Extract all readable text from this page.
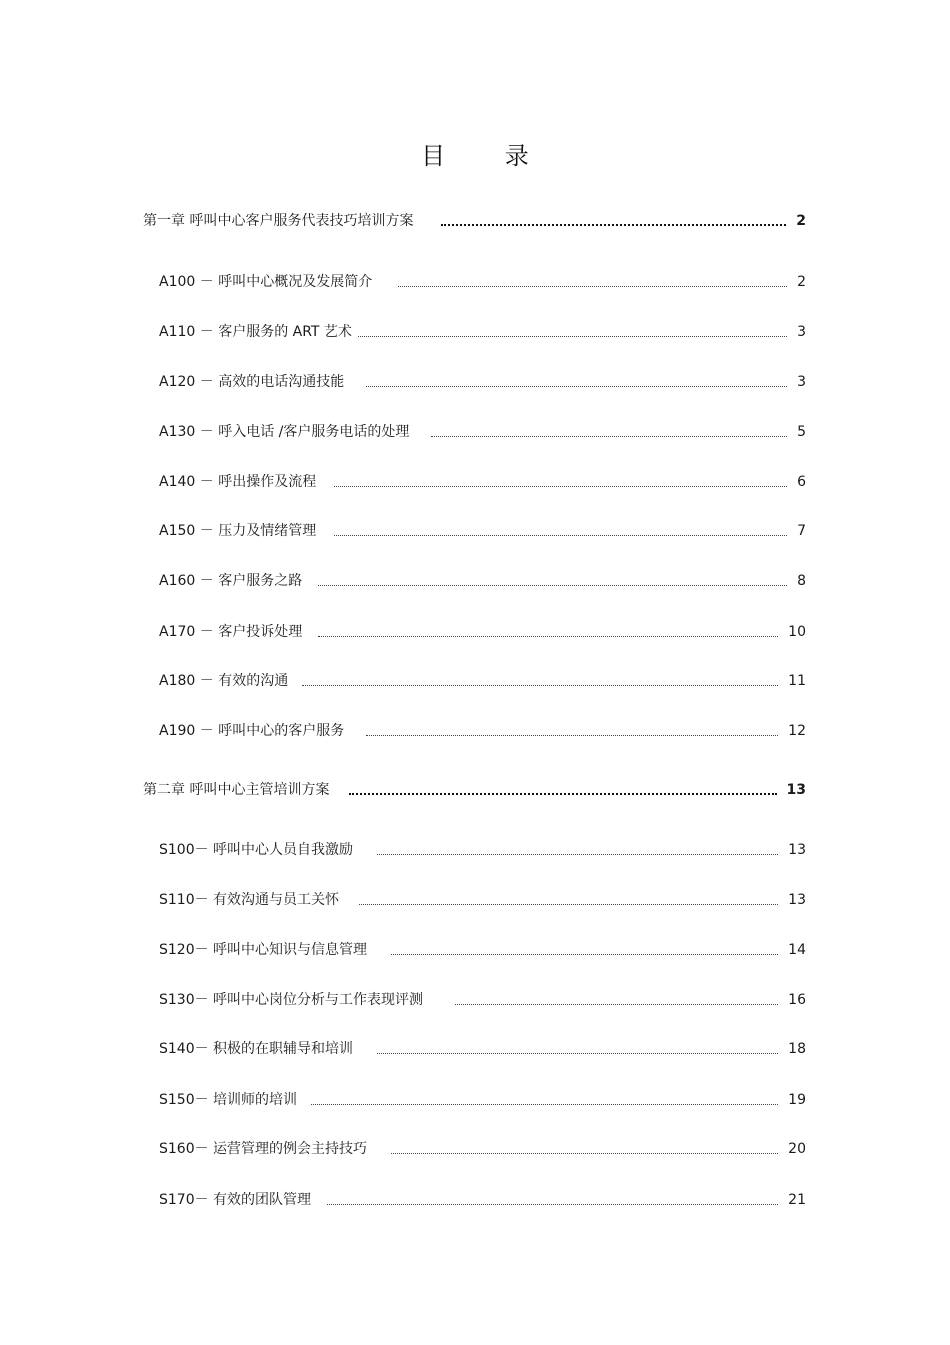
目 录
第一章 呼叫中心客户服务代表技巧培训方案	2
A100 － 呼叫中心概况及发展简介	2
A110 － 客户服务的 ART 艺术	3
A120 － 高效的电话沟通技能	3
A130 － 呼入电话 /客户服务电话的处理	5
A140 － 呼出操作及流程	6
A150 － 压力及情绪管理	7
A160 － 客户服务之路	8
A170 － 客户投诉处理	10
A180 － 有效的沟通	11
A190 － 呼叫中心的客户服务	12
第二章 呼叫中心主管培训方案	13
S100－ 呼叫中心人员自我激励	13
S110－ 有效沟通与员工关怀	13
S120－ 呼叫中心知识与信息管理	14
S130－ 呼叫中心岗位分析与工作表现评测	16
S140－ 积极的在职辅导和培训	18
S150－ 培训师的培训	19
S160－ 运营管理的例会主持技巧	20
S170－ 有效的团队管理	21
